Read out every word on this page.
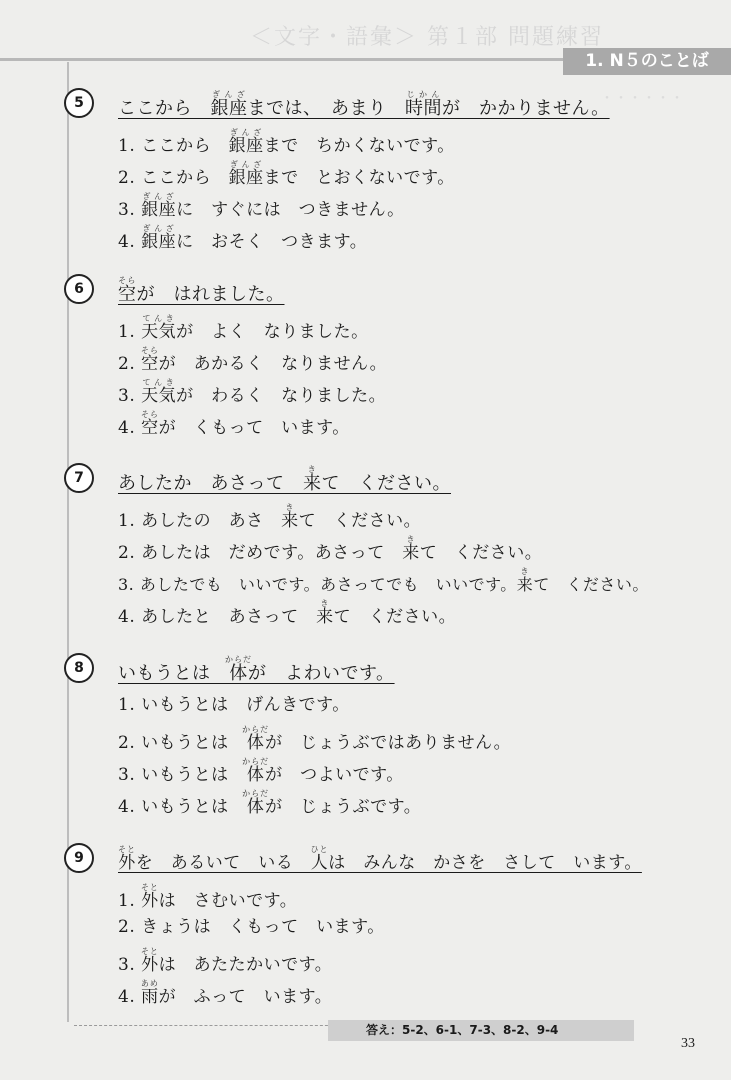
＜文字・語彙＞ 第１部 問題練習
1. N５のことば
・・・・・・
5	ここから　銀座ぎんざまでは、　あまり　時間じかんが　かかりません。
1. ここから　銀座ぎんざまで　ちかくないです。
2. ここから　銀座ぎんざまで　とおくないです。
3. 銀座ぎんざに　すぐには　つきません。
4. 銀座ぎんざに　おそく　つきます。
6	空そらが　はれました。
1. 天気てんきが　よく　なりました。
2. 空そらが　あかるく　なりません。
3. 天気てんきが　わるく　なりました。
4. 空そらが　くもって　います。
7	あしたか　あさって　来きて　ください。
1. あしたの　あさ　来きて　ください。
2. あしたは　だめです。あさって　来きて　ください。
3. あしたでも　いいです。あさってでも　いいです。来きて　ください。
4. あしたと　あさって　来きて　ください。
8	いもうとは　体からだが　よわいです。
1. いもうとは　げんきです。
2. いもうとは　体からだが　じょうぶではありません。
3. いもうとは　体からだが　つよいです。
4. いもうとは　体からだが　じょうぶです。
9	外そとを　あるいて　いる　人ひとは　みんな　かさを　さして　います。
1. 外そとは　さむいです。
2. きょうは　くもって　います。
3. 外そとは　あたたかいです。
4. 雨あめが　ふって　います。
答え：5-2、6-1、7-3、8-2、9-4
33
